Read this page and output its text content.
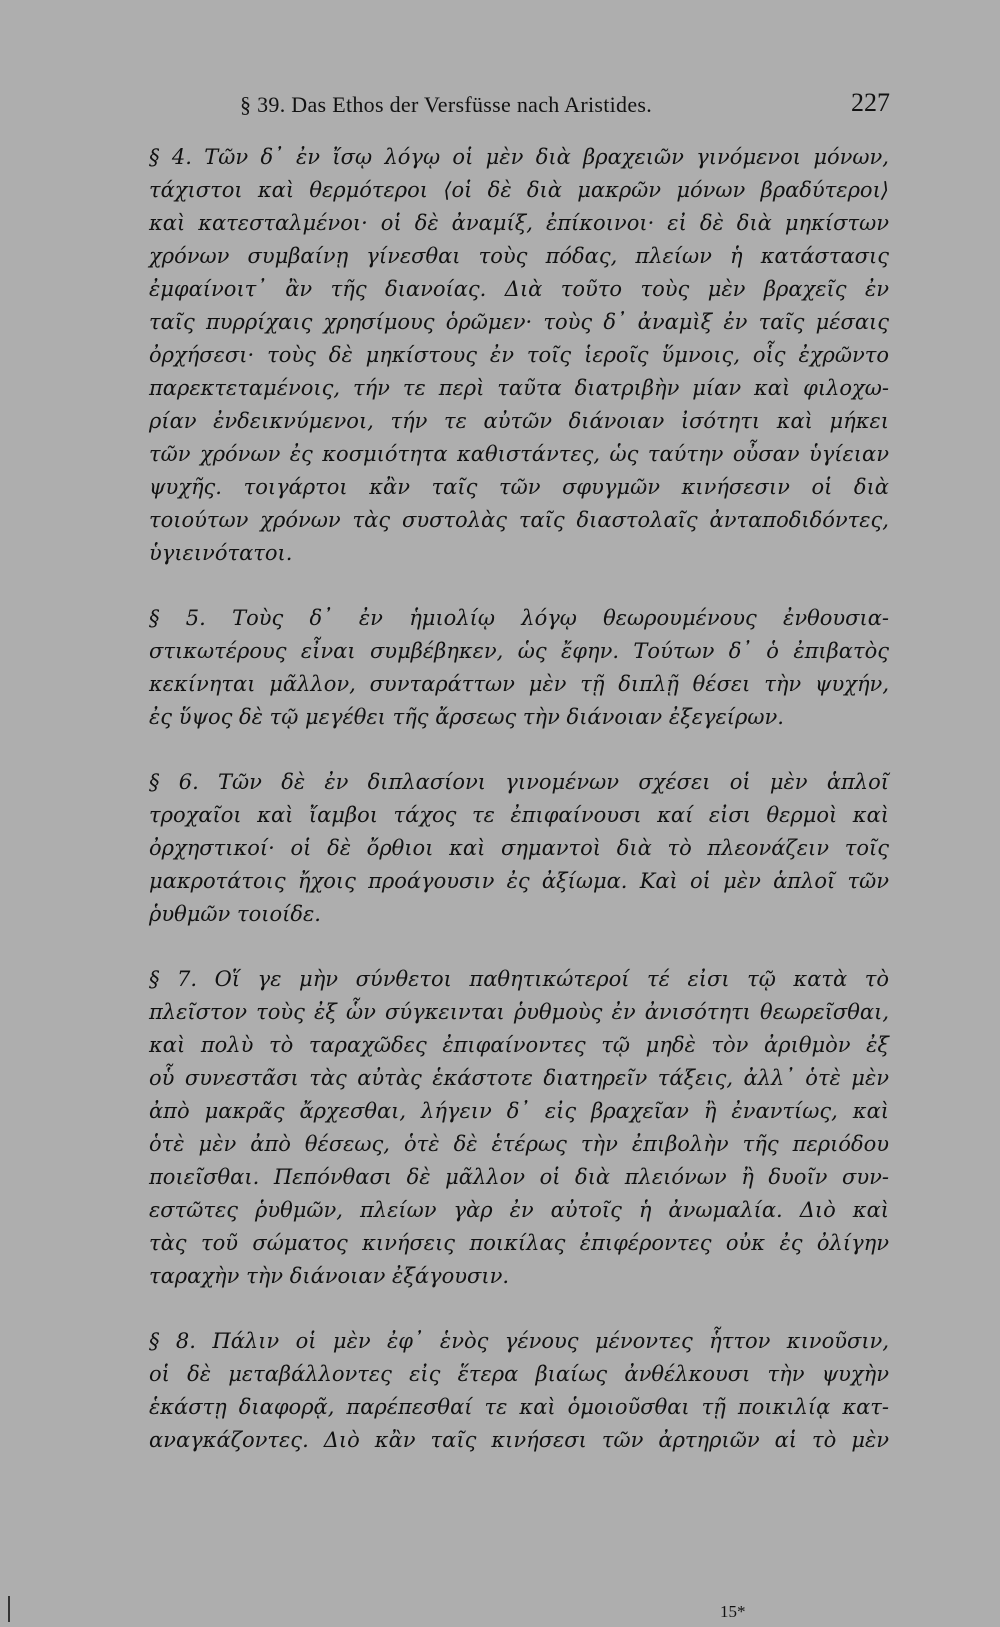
§ 39. Das Ethos der Versfüsse nach Aristides.	227
§ 4. Τῶν δ᾽ ἐν ἴσῳ λόγῳ οἱ μὲν διὰ βραχειῶν γινόμενοι μόνων,
τάχιστοι καὶ θερμότεροι ⟨οἱ δὲ διὰ μακρῶν μόνων βραδύτεροι⟩
καὶ κατεσταλμένοι· οἱ δὲ ἀναμίξ, ἐπίκοινοι· εἰ δὲ διὰ μηκίστων
χρόνων συμβαίνῃ γίνεσθαι τοὺς πόδας, πλείων ἡ κατάστασις
ἐμφαίνοιτ᾽ ἂν τῆς διανοίας. Διὰ τοῦτο τοὺς μὲν βραχεῖς ἐν
ταῖς πυρρίχαις χρησίμους ὁρῶμεν· τοὺς δ᾽ ἀναμὶξ ἐν ταῖς μέσαις
ὀρχήσεσι· τοὺς δὲ μηκίστους ἐν τοῖς ἱεροῖς ὕμνοις, οἷς ἐχρῶντο
παρεκτεταμένοις, τήν τε περὶ ταῦτα διατριβὴν μίαν καὶ φιλοχω-
ρίαν ἐνδεικνύμενοι, τήν τε αὐτῶν διάνοιαν ἰσότητι καὶ μήκει
τῶν χρόνων ἐς κοσμιότητα καθιστάντες, ὡς ταύτην οὖσαν ὑγίειαν
ψυχῆς. τοιγάρτοι κἂν ταῖς τῶν σφυγμῶν κινήσεσιν οἱ διὰ
τοιούτων χρόνων τὰς συστολὰς ταῖς διαστολαῖς ἀνταποδιδόντες,
ὑγιεινότατοι.
§ 5. Τοὺς δ᾽ ἐν ἡμιολίῳ λόγῳ θεωρουμένους ἐνθουσια-
στικωτέρους εἶναι συμβέβηκεν, ὡς ἔφην. Τούτων δ᾽ ὁ ἐπιβατὸς
κεκίνηται μᾶλλον, συνταράττων μὲν τῇ διπλῇ θέσει τὴν ψυχήν,
ἐς ὕψος δὲ τῷ μεγέθει τῆς ἄρσεως τὴν διάνοιαν ἐξεγείρων.
§ 6. Τῶν δὲ ἐν διπλασίονι γινομένων σχέσει οἱ μὲν ἁπλοῖ
τροχαῖοι καὶ ἴαμβοι τάχος τε ἐπιφαίνουσι καί εἰσι θερμοὶ καὶ
ὀρχηστικοί· οἱ δὲ ὄρθιοι καὶ σημαντοὶ διὰ τὸ πλεονάζειν τοῖς
μακροτάτοις ἤχοις προάγουσιν ἐς ἀξίωμα. Καὶ οἱ μὲν ἁπλοῖ τῶν
ῥυθμῶν τοιοίδε.
§ 7. Οἵ γε μὴν σύνθετοι παθητικώτεροί τέ εἰσι τῷ κατὰ τὸ
πλεῖστον τοὺς ἐξ ὧν σύγκεινται ῥυθμοὺς ἐν ἀνισότητι θεωρεῖσθαι,
καὶ πολὺ τὸ ταραχῶδες ἐπιφαίνοντες τῷ μηδὲ τὸν ἀριθμὸν ἐξ
οὗ συνεστᾶσι τὰς αὐτὰς ἑκάστοτε διατηρεῖν τάξεις, ἀλλ᾽ ὁτὲ μὲν
ἀπὸ μακρᾶς ἄρχεσθαι, λήγειν δ᾽ εἰς βραχεῖαν ἢ ἐναντίως, καὶ
ὁτὲ μὲν ἀπὸ θέσεως, ὁτὲ δὲ ἑτέρως τὴν ἐπιβολὴν τῆς περιόδου
ποιεῖσθαι. Πεπόνθασι δὲ μᾶλλον οἱ διὰ πλειόνων ἢ δυοῖν συν-
εστῶτες ῥυθμῶν, πλείων γὰρ ἐν αὐτοῖς ἡ ἀνωμαλία. Διὸ καὶ
τὰς τοῦ σώματος κινήσεις ποικίλας ἐπιφέροντες οὐκ ἐς ὀλίγην
ταραχὴν τὴν διάνοιαν ἐξάγουσιν.
§ 8. Πάλιν οἱ μὲν ἐφ᾽ ἑνὸς γένους μένοντες ἧττον κινοῦσιν,
οἱ δὲ μεταβάλλοντες εἰς ἕτερα βιαίως ἀνθέλκουσι τὴν ψυχὴν
ἑκάστῃ διαφορᾷ, παρέπεσθαί τε καὶ ὁμοιοῦσθαι τῇ ποικιλίᾳ κατ-
αναγκάζοντες. Διὸ κἂν ταῖς κινήσεσι τῶν ἀρτηριῶν αἱ τὸ μὲν
15*
